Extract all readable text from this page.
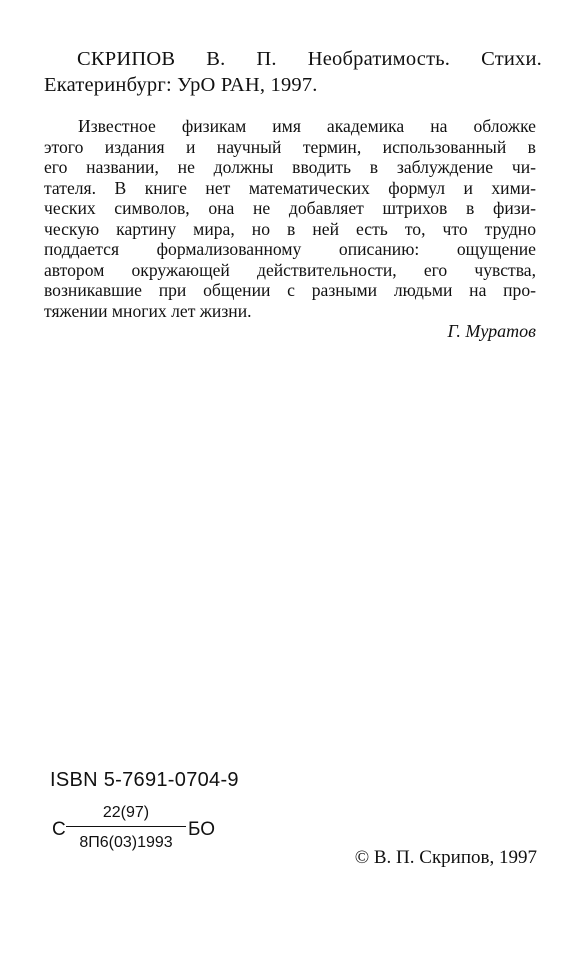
СКРИПОВ В. П. Необратимость. Стихи.
Екатеринбург: УрО РАН, 1997.
Известное физикам имя академика на обложке
этого издания и научный термин, использованный в
его названии, не должны вводить в заблуждение чи-
тателя. В книге нет математических формул и хими-
ческих символов, она не добавляет штрихов в физи-
ческую картину мира, но в ней есть то, что трудно
поддается формализованному описанию: ощущение
автором окружающей действительности, его чувства,
возникавшие при общении с разными людьми на про-
тяжении многих лет жизни.
Г. Муратов
ISBN 5-7691-0704-9
С
22(97)
8П6(03)1993
БО
© В. П. Скрипов, 1997
